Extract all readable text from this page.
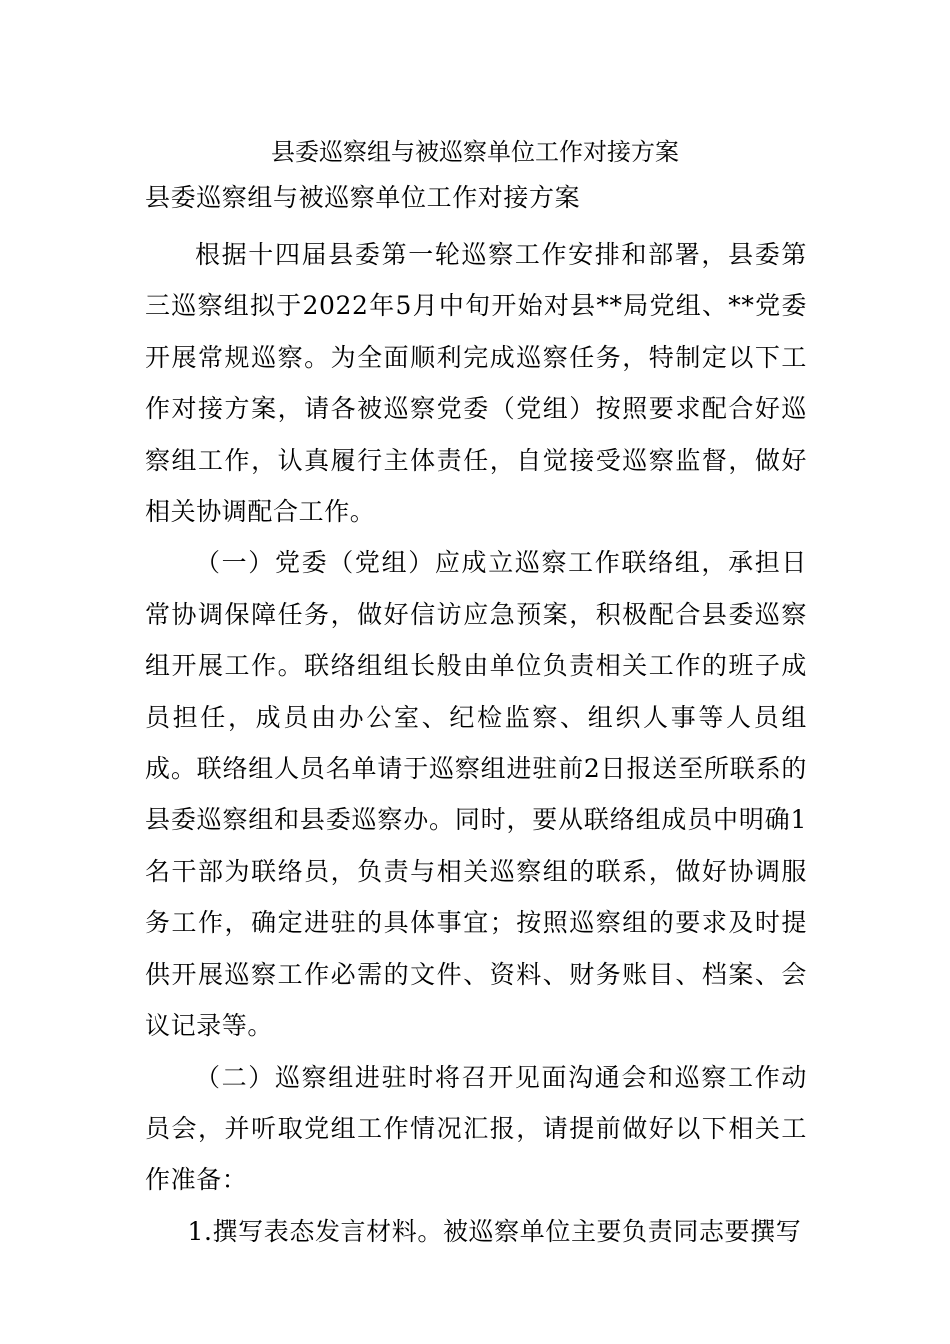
县委巡察组与被巡察单位工作对接方案

县委巡察组与被巡察单位工作对接方案

根据十四届县委第一轮巡察工作安排和部署，县委第三巡察组拟于2022年5月中旬开始对县**局党组、**党委开展常规巡察。为全面顺利完成巡察任务，特制定以下工作对接方案，请各被巡察党委（党组）按照要求配合好巡察组工作，认真履行主体责任，自觉接受巡察监督，做好相关协调配合工作。

（一）党委（党组）应成立巡察工作联络组，承担日常协调保障任务，做好信访应急预案，积极配合县委巡察组开展工作。联络组组长般由单位负责相关工作的班子成员担任，成员由办公室、纪检监察、组织人事等人员组成。联络组人员名单请于巡察组进驻前2日报送至所联系的县委巡察组和县委巡察办。同时，要从联络组成员中明确1名干部为联络员，负责与相关巡察组的联系，做好协调服务工作，确定进驻的具体事宜；按照巡察组的要求及时提供开展巡察工作必需的文件、资料、财务账目、档案、会议记录等。

（二）巡察组进驻时将召开见面沟通会和巡察工作动员会，并听取党组工作情况汇报，请提前做好以下相关工作准备：

1.撰写表态发言材料。被巡察单位主要负责同志要撰写
